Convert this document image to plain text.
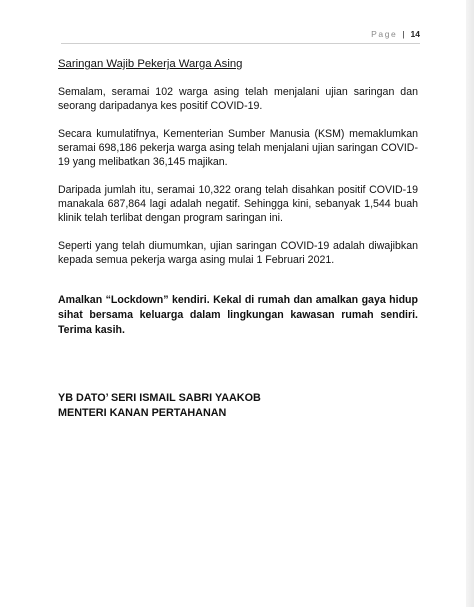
Page | 14
Saringan Wajib Pekerja Warga Asing

Semalam, seramai 102 warga asing telah menjalani ujian saringan dan seorang daripadanya kes positif COVID-19.

Secara kumulatifnya, Kementerian Sumber Manusia (KSM) memaklumkan seramai 698,186 pekerja warga asing telah menjalani ujian saringan COVID-19 yang melibatkan 36,145 majikan.

Daripada jumlah itu, seramai 10,322 orang telah disahkan positif COVID-19 manakala 687,864 lagi adalah negatif. Sehingga kini, sebanyak 1,544 buah klinik telah terlibat dengan program saringan ini.

Seperti yang telah diumumkan, ujian saringan COVID-19 adalah diwajibkan kepada semua pekerja warga asing mulai 1 Februari 2021.

Amalkan “Lockdown” kendiri. Kekal di rumah dan amalkan gaya hidup sihat bersama keluarga dalam lingkungan kawasan rumah sendiri. Terima kasih.

YB DATO’ SERI ISMAIL SABRI YAAKOB
MENTERI KANAN PERTAHANAN
